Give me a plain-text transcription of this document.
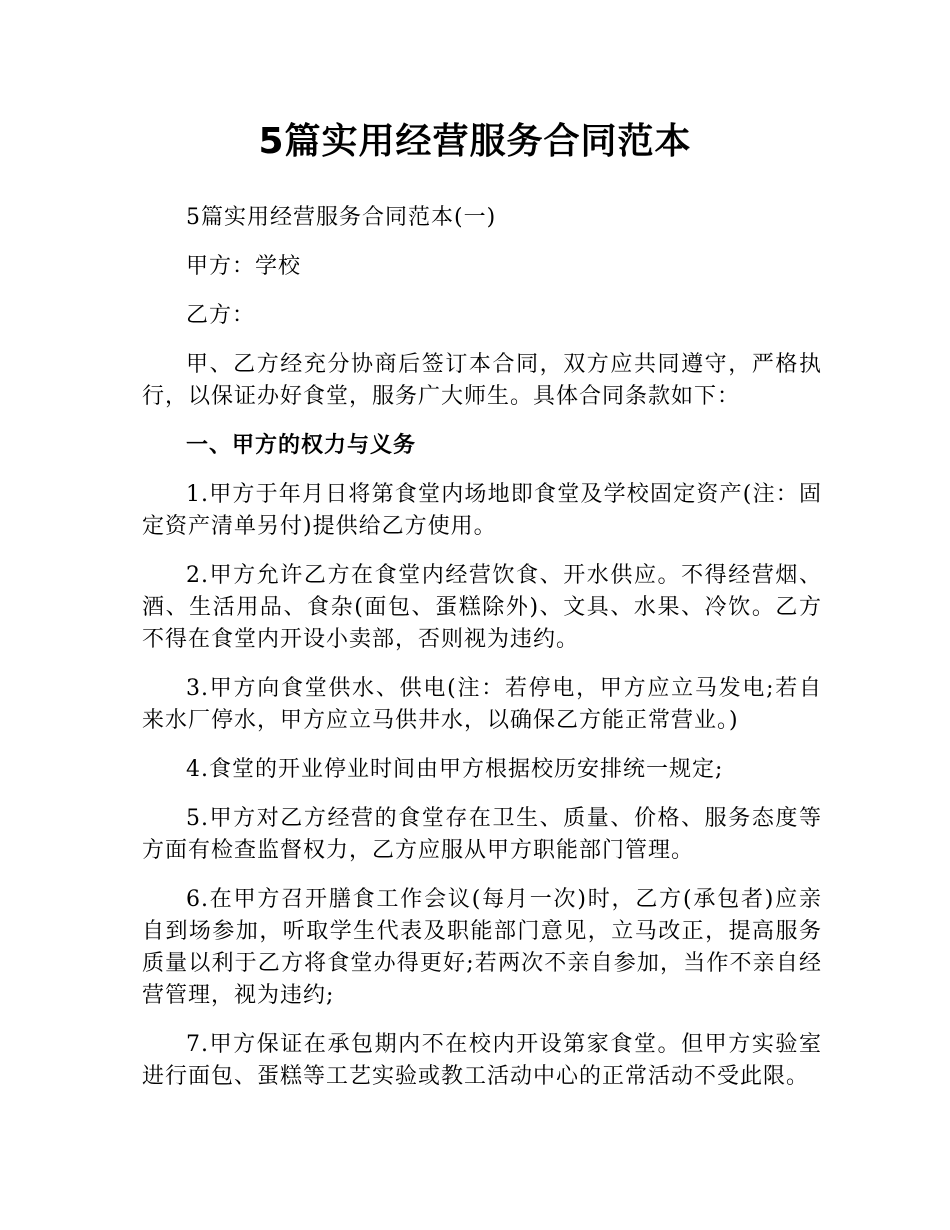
5篇实用经营服务合同范本

5篇实用经营服务合同范本(一)

甲方：学校

乙方：

甲、乙方经充分协商后签订本合同，双方应共同遵守，严格执行，以保证办好食堂，服务广大师生。具体合同条款如下：

一、甲方的权力与义务

1.甲方于年月日将第食堂内场地即食堂及学校固定资产(注：固定资产清单另付)提供给乙方使用。

2.甲方允许乙方在食堂内经营饮食、开水供应。不得经营烟、酒、生活用品、食杂(面包、蛋糕除外)、文具、水果、冷饮。乙方不得在食堂内开设小卖部，否则视为违约。

3.甲方向食堂供水、供电(注：若停电，甲方应立马发电;若自来水厂停水，甲方应立马供井水，以确保乙方能正常营业。)

4.食堂的开业停业时间由甲方根据校历安排统一规定;

5.甲方对乙方经营的食堂存在卫生、质量、价格、服务态度等方面有检查监督权力，乙方应服从甲方职能部门管理。

6.在甲方召开膳食工作会议(每月一次)时，乙方(承包者)应亲自到场参加，听取学生代表及职能部门意见，立马改正，提高服务质量以利于乙方将食堂办得更好;若两次不亲自参加，当作不亲自经营管理，视为违约;

7.甲方保证在承包期内不在校内开设第家食堂。但甲方实验室进行面包、蛋糕等工艺实验或教工活动中心的正常活动不受此限。
